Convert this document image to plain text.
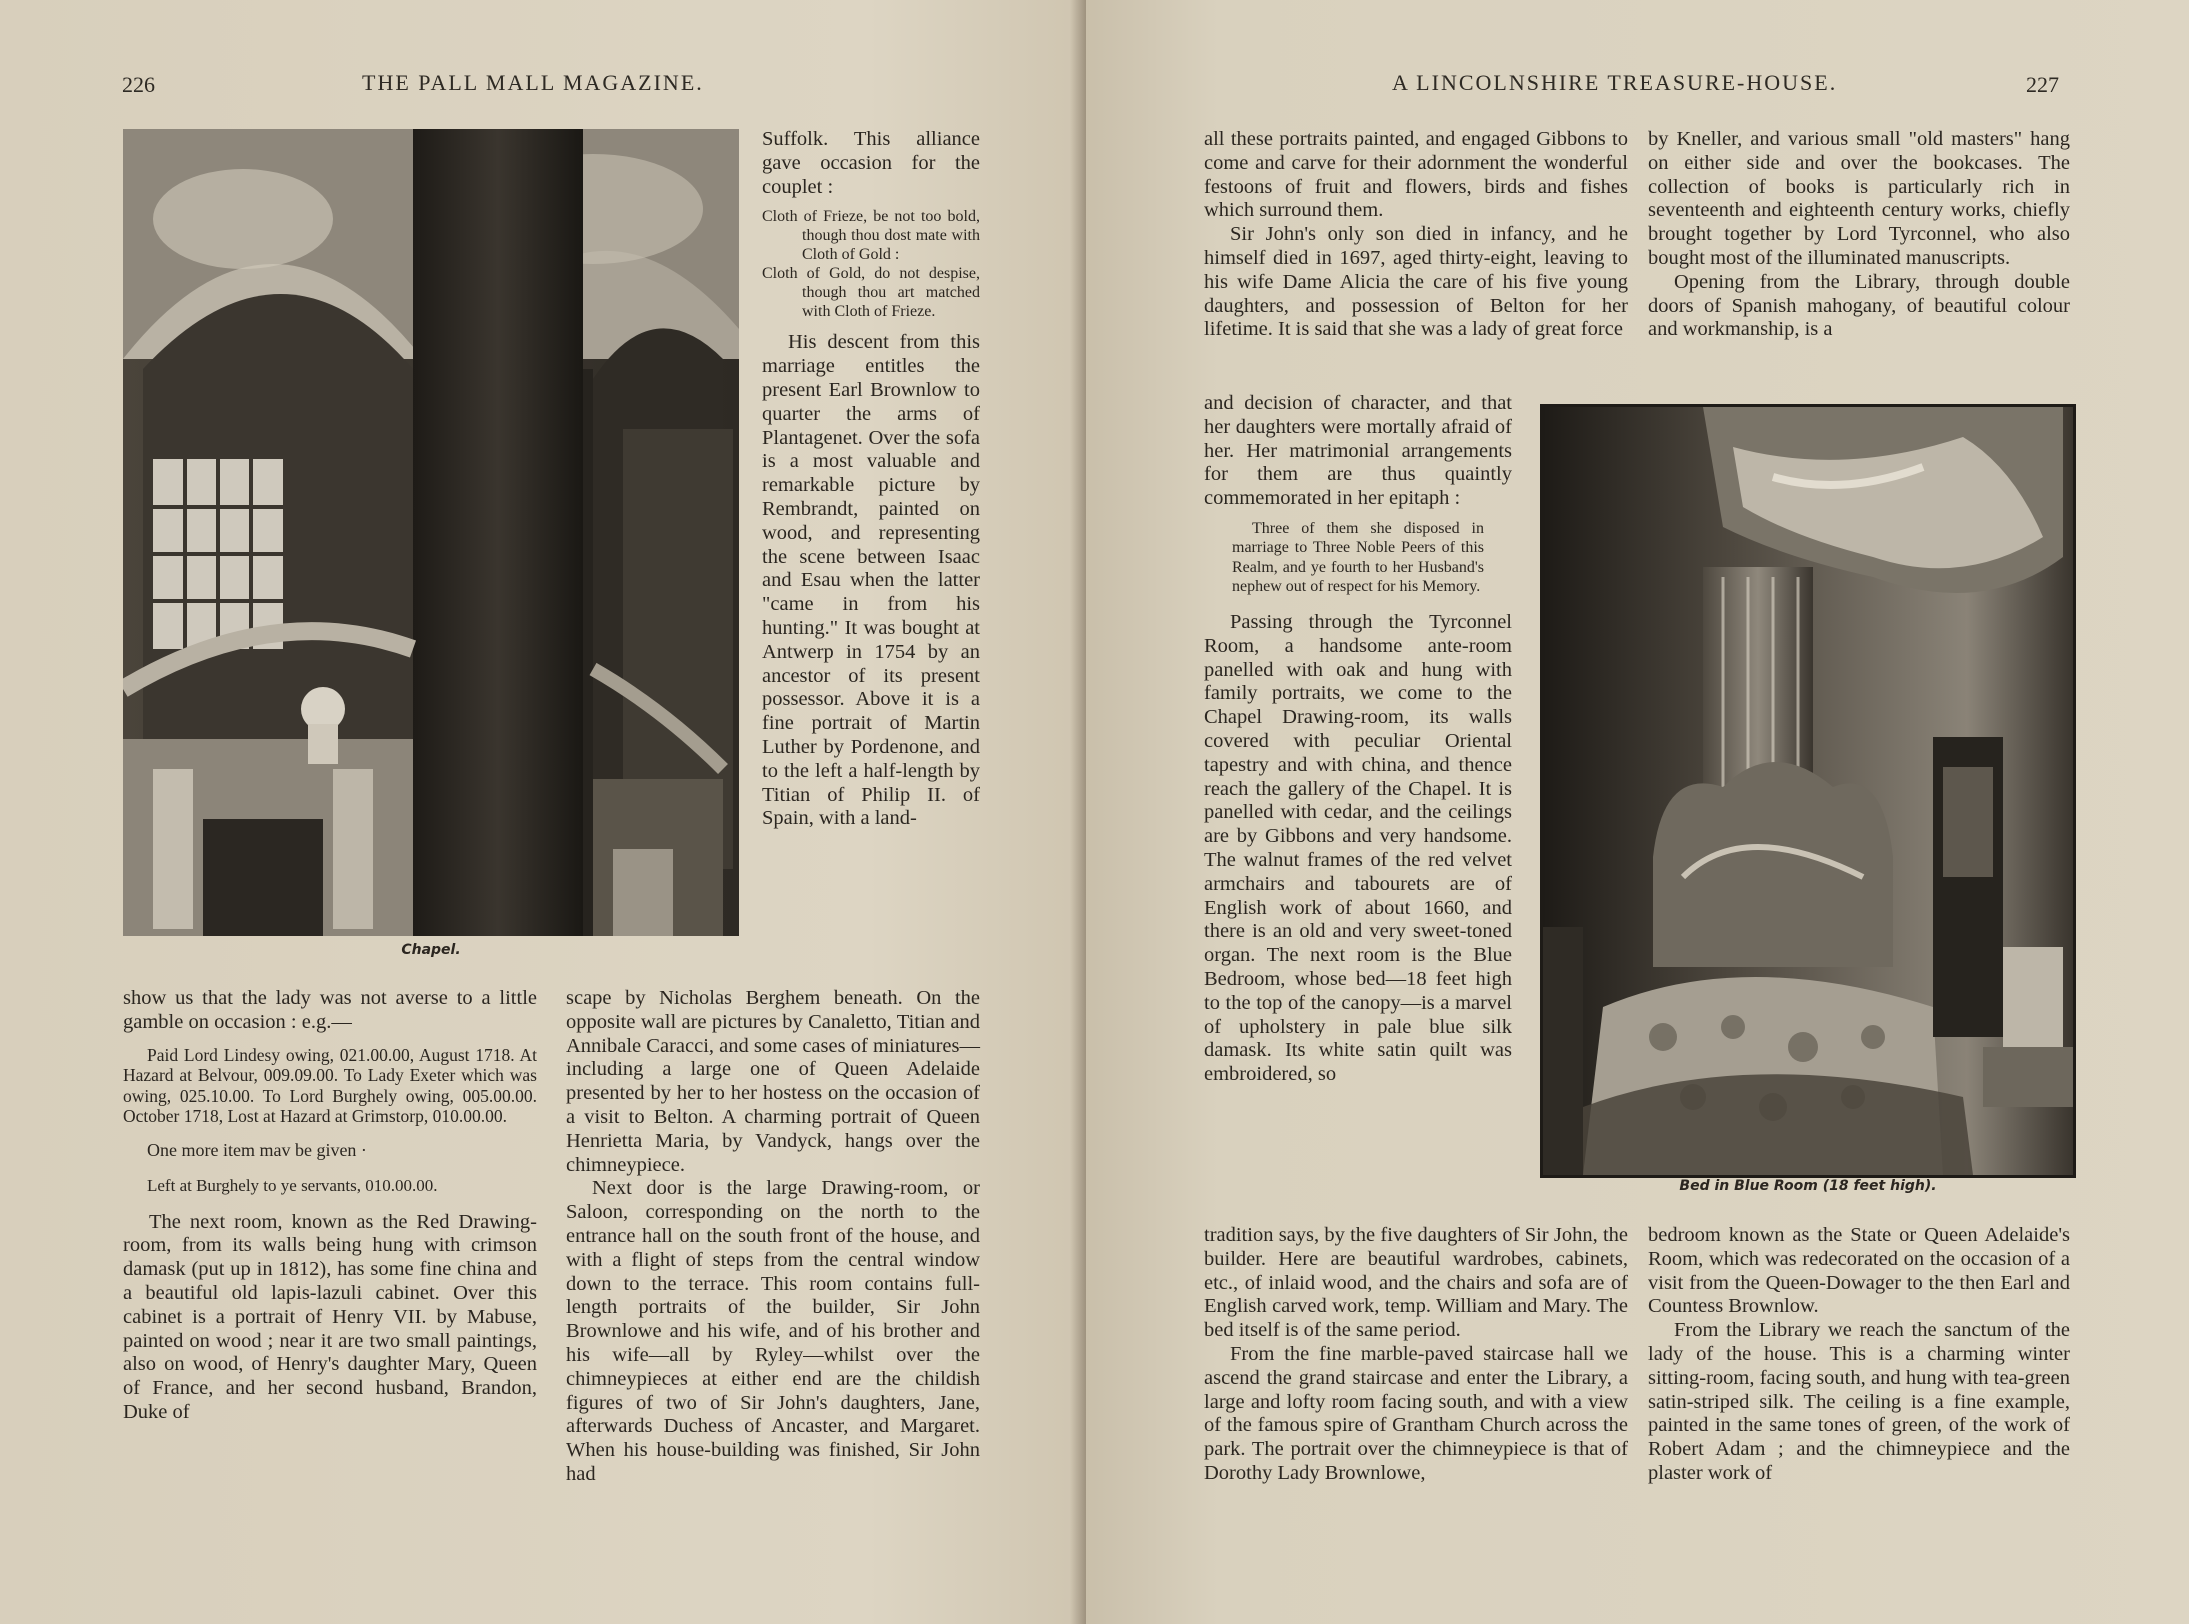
226	THE PALL MALL MAGAZINE.
Chapel.

Suffolk. This alliance gave occasion for the couplet :

Cloth of Frieze, be not too bold, though thou dost mate with Cloth of Gold :
Cloth of Gold, do not despise, though thou art matched with Cloth of Frieze.

His descent from this marriage entitles the present Earl Brownlow to quarter the arms of Plantagenet. Over the sofa is a most valuable and remarkable picture by Rembrandt, painted on wood, and representing the scene between Isaac and Esau when the latter "came in from his hunting." It was bought at Antwerp in 1754 by an ancestor of its present possessor. Above it is a fine portrait of Martin Luther by Pordenone, and to the left a half-length by Titian of Philip II. of Spain, with a land-

show us that the lady was not averse to a little gamble on occasion : e.g.—

Paid Lord Lindesy owing, 021.00.00, August 1718. At Hazard at Belvour, 009.09.00. To Lady Exeter which was owing, 025.10.00. To Lord Burghely owing, 005.00.00. October 1718, Lost at Hazard at Grimstorp, 010.00.00.
One more item mav be given ·
Left at Burghely to ye servants, 010.00.00.

The next room, known as the Red Drawing-room, from its walls being hung with crimson damask (put up in 1812), has some fine china and a beautiful old lapis-lazuli cabinet. Over this cabinet is a portrait of Henry VII. by Mabuse, painted on wood ; near it are two small paintings, also on wood, of Henry's daughter Mary, Queen of France, and her second husband, Brandon, Duke of

scape by Nicholas Berghem beneath. On the opposite wall are pictures by Canaletto, Titian and Annibale Caracci, and some cases of miniatures—including a large one of Queen Adelaide presented by her to her hostess on the occasion of a visit to Belton. A charming portrait of Queen Henrietta Maria, by Vandyck, hangs over the chimneypiece.

Next door is the large Drawing-room, or Saloon, corresponding on the north to the entrance hall on the south front of the house, and with a flight of steps from the central window down to the terrace. This room contains full-length portraits of the builder, Sir John Brownlowe and his wife, and of his brother and his wife—all by Ryley—whilst over the chimneypieces at either end are the childish figures of two of Sir John's daughters, Jane, afterwards Duchess of Ancaster, and Margaret. When his house-building was finished, Sir John had

A LINCOLNSHIRE TREASURE-HOUSE.	227

all these portraits painted, and engaged Gibbons to come and carve for their adornment the wonderful festoons of fruit and flowers, birds and fishes which surround them.

Sir John's only son died in infancy, and he himself died in 1697, aged thirty-eight, leaving to his wife Dame Alicia the care of his five young daughters, and possession of Belton for her lifetime. It is said that she was a lady of great force

and decision of character, and that her daughters were mortally afraid of her. Her matrimonial arrangements for them are thus quaintly commemorated in her epitaph :

Three of them she disposed in marriage to Three Noble Peers of this Realm, and ye fourth to her Husband's nephew out of respect for his Memory.

Passing through the Tyrconnel Room, a handsome ante-room panelled with oak and hung with family portraits, we come to the Chapel Drawing-room, its walls covered with peculiar Oriental tapestry and with china, and thence reach the gallery of the Chapel. It is panelled with cedar, and the ceilings are by Gibbons and very handsome. The walnut frames of the red velvet armchairs and tabourets are of English work of about 1660, and there is an old and very sweet-toned organ. The next room is the Blue Bedroom, whose bed—18 feet high to the top of the canopy—is a marvel of upholstery in pale blue silk damask. Its white satin quilt was embroidered, so

tradition says, by the five daughters of Sir John, the builder. Here are beautiful wardrobes, cabinets, etc., of inlaid wood, and the chairs and sofa are of English carved work, temp. William and Mary. The bed itself is of the same period.

From the fine marble-paved staircase hall we ascend the grand staircase and enter the Library, a large and lofty room facing south, and with a view of the famous spire of Grantham Church across the park. The portrait over the chimneypiece is that of Dorothy Lady Brownlowe,

by Kneller, and various small "old masters" hang on either side and over the bookcases. The collection of books is particularly rich in seventeenth and eighteenth century works, chiefly brought together by Lord Tyrconnel, who also bought most of the illuminated manuscripts.

Opening from the Library, through double doors of Spanish mahogany, of beautiful colour and workmanship, is a

Bed in Blue Room (18 feet high).

bedroom known as the State or Queen Adelaide's Room, which was redecorated on the occasion of a visit from the Queen-Dowager to the then Earl and Countess Brownlow.

From the Library we reach the sanctum of the lady of the house. This is a charming winter sitting-room, facing south, and hung with tea-green satin-striped silk. The ceiling is a fine example, painted in the same tones of green, of the work of Robert Adam ; and the chimneypiece and the plaster work of
